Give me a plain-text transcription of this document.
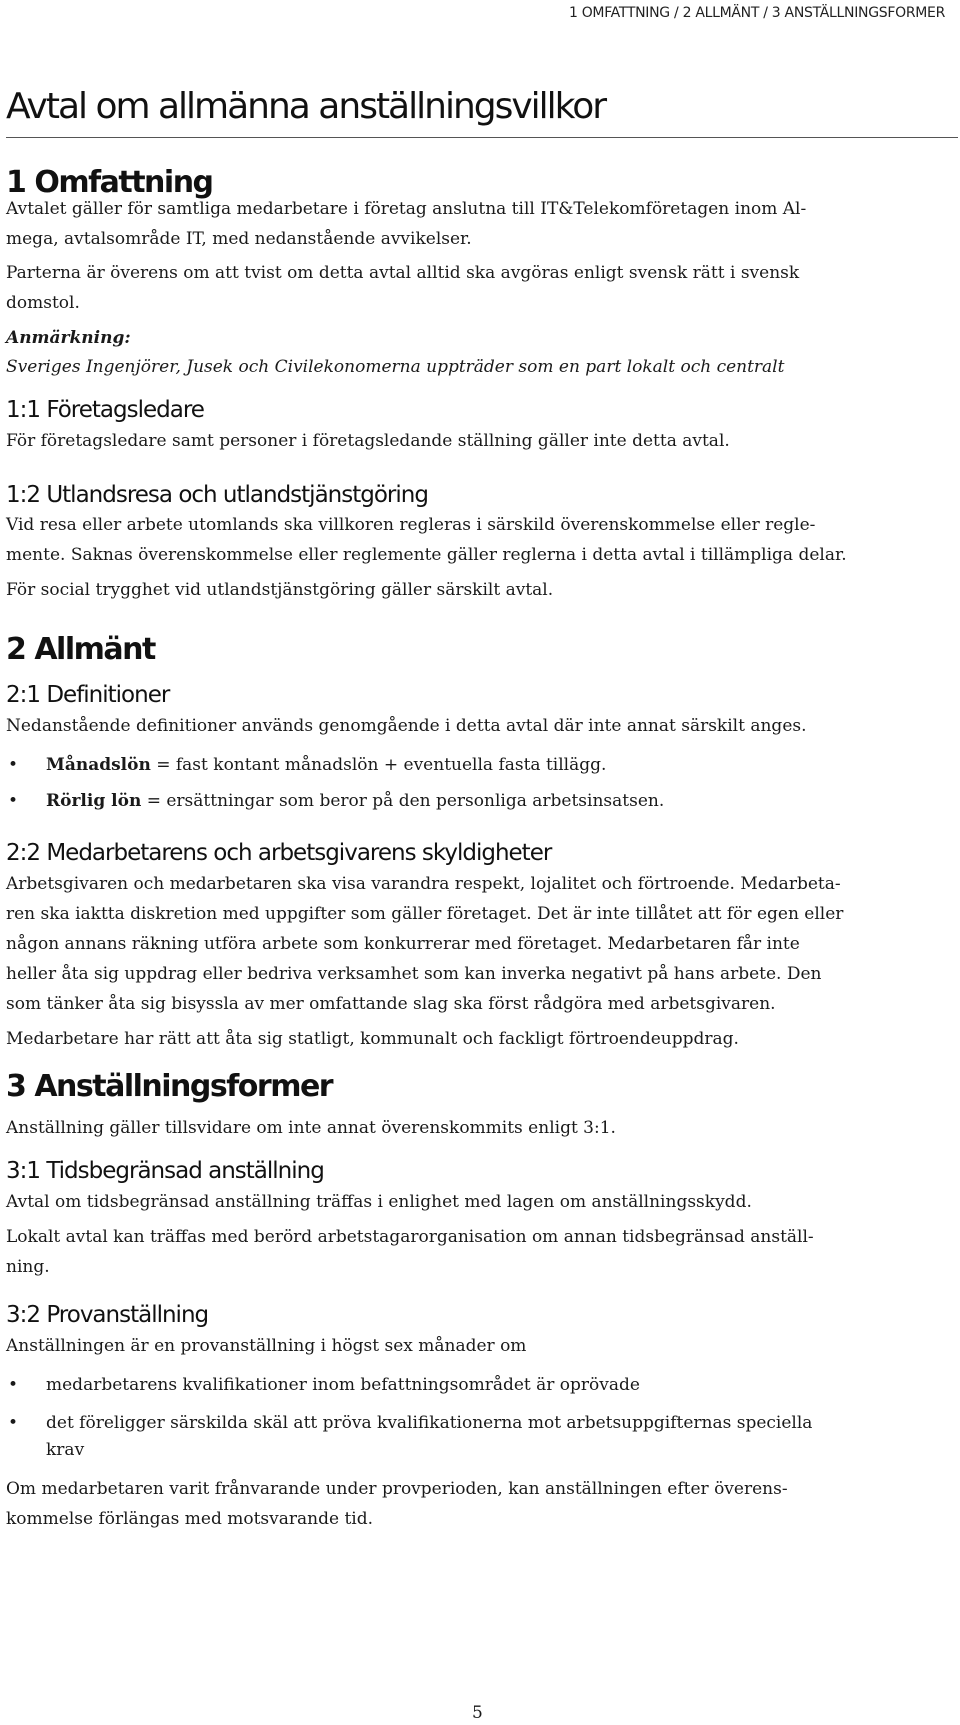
1 OMFATTNING / 2 ALLMÄNT / 3 ANSTÄLLNINGSFORMER
Avtal om allmänna anställningsvillkor
1 Omfattning

Avtalet gäller för samtliga medarbetare i företag anslutna till IT&Telekomföretagen inom Al-

mega, avtalsområde IT, med nedanstående avvikelser.

Parterna är överens om att tvist om detta avtal alltid ska avgöras enligt svensk rätt i svensk

domstol.

Anmärkning:

Sveriges Ingenjörer, Jusek och Civilekonomerna uppträder som en part lokalt och centralt

1:1 Företagsledare

För företagsledare samt personer i företagsledande ställning gäller inte detta avtal.

1:2 Utlandsresa och utlandstjänstgöring

Vid resa eller arbete utomlands ska villkoren regleras i särskild överenskommelse eller regle-

mente. Saknas överenskommelse eller reglemente gäller reglerna i detta avtal i tillämpliga delar.

För social trygghet vid utlandstjänstgöring gäller särskilt avtal.

2 Allmänt
2:1 Definitioner

Nedanstående definitioner används genomgående i detta avtal där inte annat särskilt anges.

• Månadslön = fast kontant månadslön + eventuella fasta tillägg.
• Rörlig lön = ersättningar som beror på den personliga arbetsinsatsen.
2:2 Medarbetarens och arbetsgivarens skyldigheter

Arbetsgivaren och medarbetaren ska visa varandra respekt, lojalitet och förtroende. Medarbeta-

ren ska iaktta diskretion med uppgifter som gäller företaget. Det är inte tillåtet att för egen eller

någon annans räkning utföra arbete som konkurrerar med företaget. Medarbetaren får inte

heller åta sig uppdrag eller bedriva verksamhet som kan inverka negativt på hans arbete. Den

som tänker åta sig bisyssla av mer omfattande slag ska först rådgöra med arbetsgivaren.

Medarbetare har rätt att åta sig statligt, kommunalt och fackligt förtroendeuppdrag.

3 Anställningsformer

Anställning gäller tillsvidare om inte annat överenskommits enligt 3:1.

3:1 Tidsbegränsad anställning

Avtal om tidsbegränsad anställning träffas i enlighet med lagen om anställningsskydd.

Lokalt avtal kan träffas med berörd arbetstagarorganisation om annan tidsbegränsad anställ-

ning.

3:2 Provanställning

Anställningen är en provanställning i högst sex månader om

• medarbetarens kvalifikationer inom befattningsområdet är oprövade
• det föreligger särskilda skäl att pröva kvalifikationerna mot arbetsuppgifternas speciella
krav

Om medarbetaren varit frånvarande under provperioden, kan anställningen efter överens-

kommelse förlängas med motsvarande tid.

5
